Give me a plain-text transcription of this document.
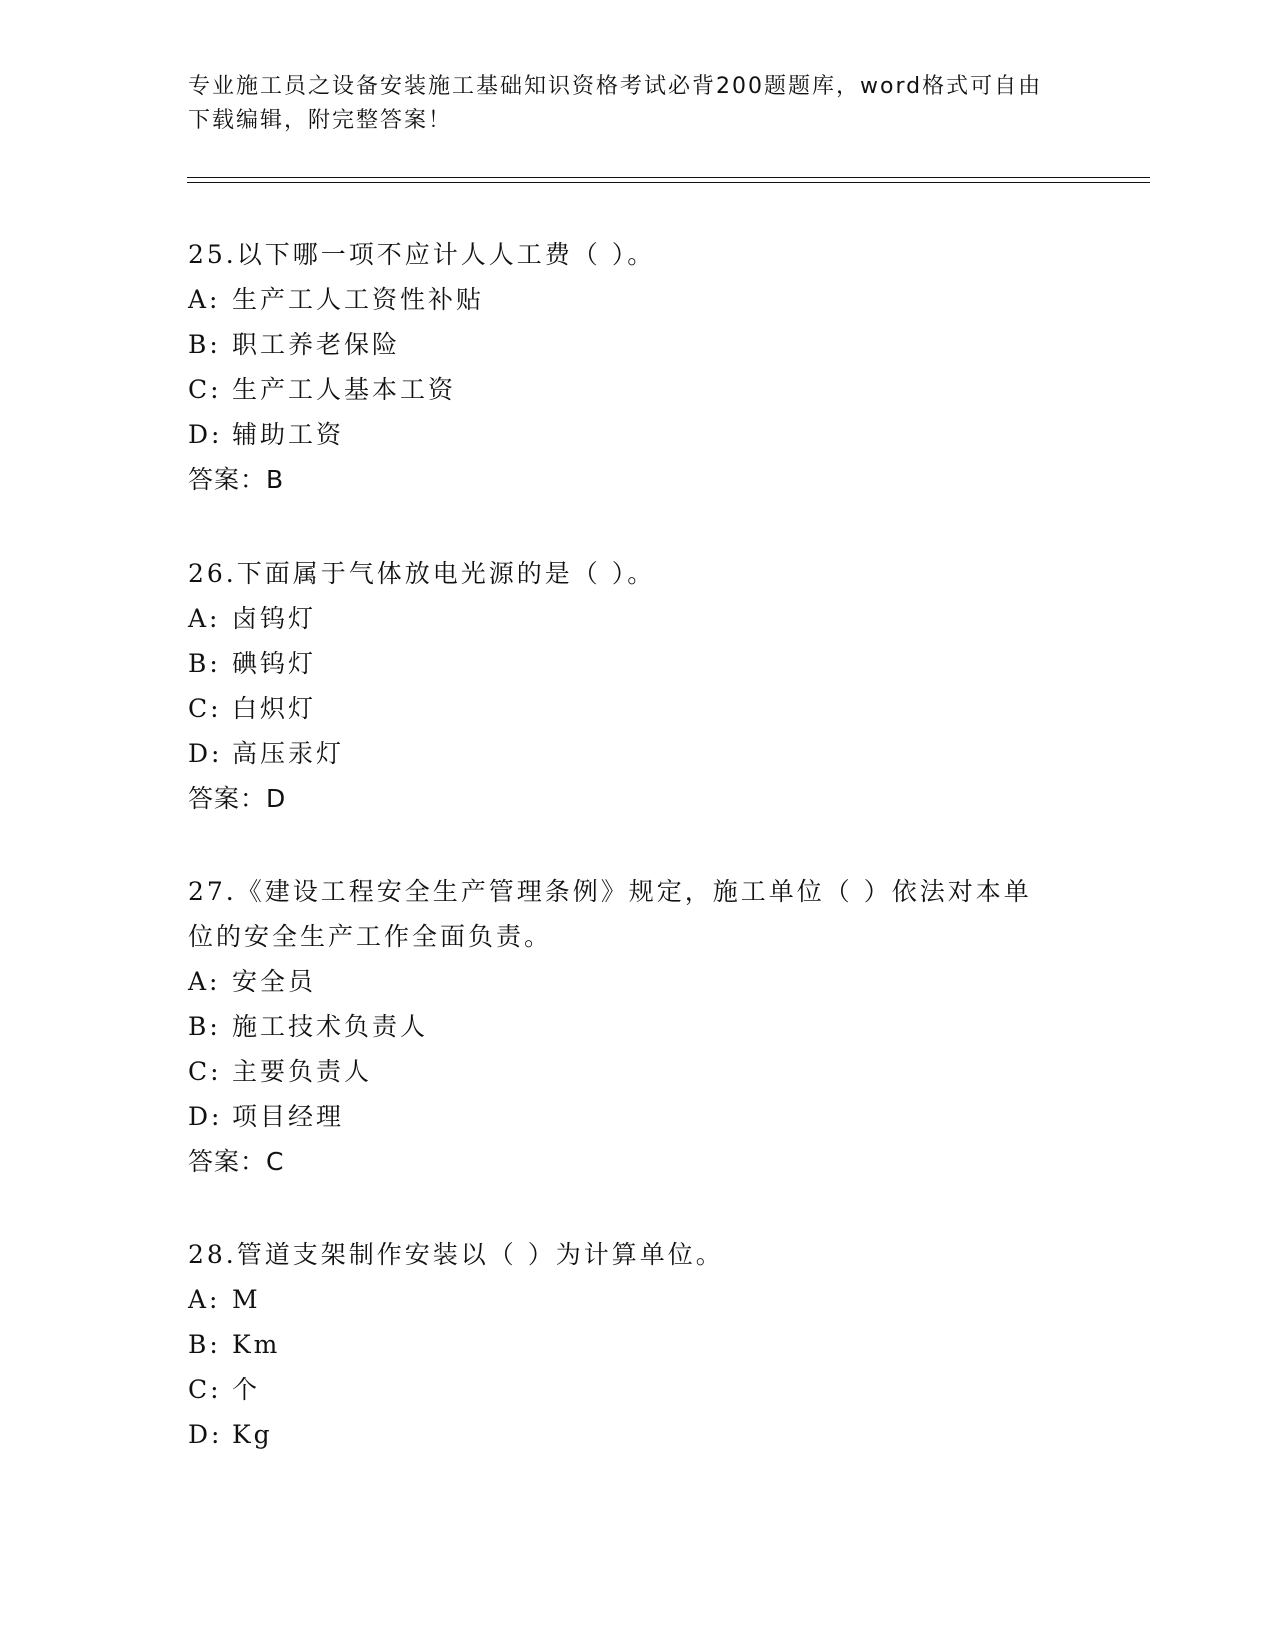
专业施工员之设备安装施工基础知识资格考试必背200题题库，word格式可自由
下载编辑，附完整答案！
25.以下哪一项不应计人人工费（ ）。
A: 生产工人工资性补贴
B: 职工养老保险
C: 生产工人基本工资
D: 辅助工资
答案：B
26.下面属于气体放电光源的是（ ）。
A: 卤钨灯
B: 碘钨灯
C: 白炽灯
D: 高压汞灯
答案：D
27.《建设工程安全生产管理条例》规定，施工单位（ ）依法对本单
位的安全生产工作全面负责。
A: 安全员
B: 施工技术负责人
C: 主要负责人
D: 项目经理
答案：C
28.管道支架制作安装以（ ）为计算单位。
A: M
B: Km
C: 个
D: Kg
